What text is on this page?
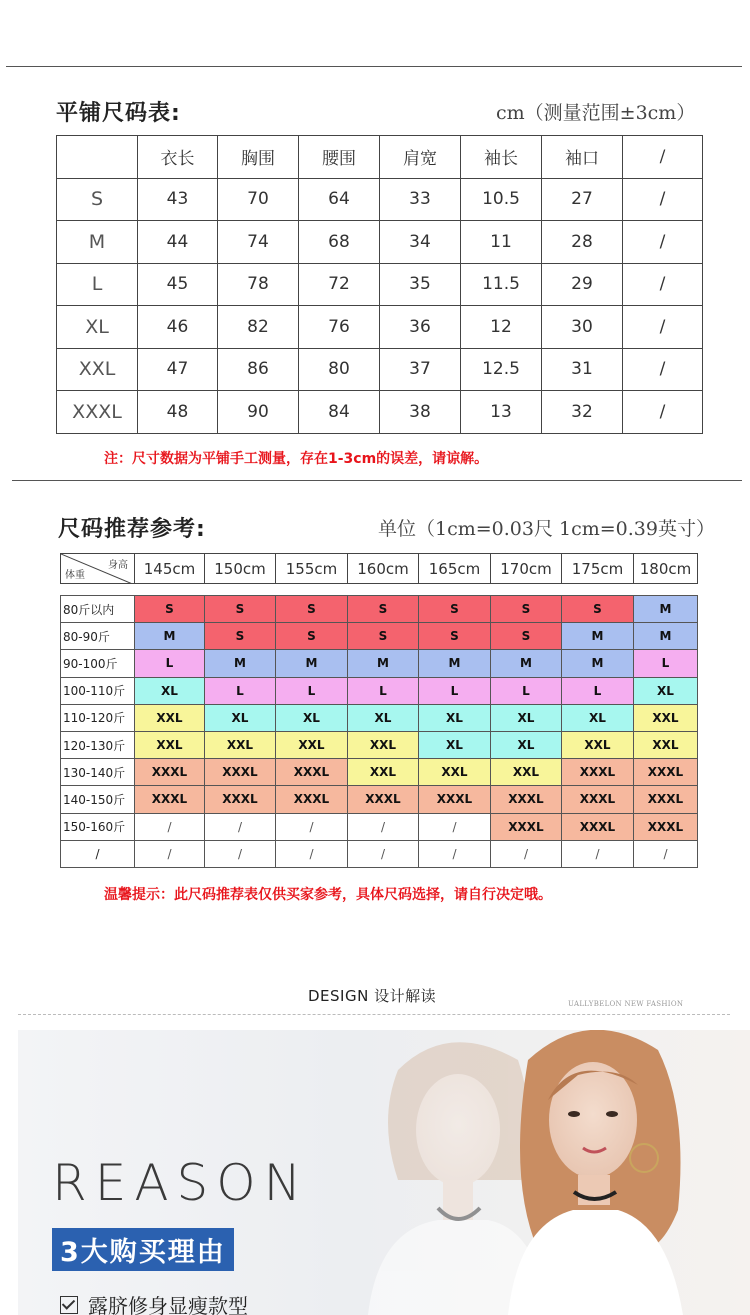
平铺尺码表:	cm（测量范围±3cm）
	衣长	胸围	腰围	肩宽	袖长	袖口	/
S	43	70	64	33	10.5	27	/
M	44	74	68	34	11	28	/
L	45	78	72	35	11.5	29	/
XL	46	82	76	36	12	30	/
XXL	47	86	80	37	12.5	31	/
XXXL	48	90	84	38	13	32	/
注：尺寸数据为平铺手工测量，存在1-3cm的误差，请谅解。
尺码推荐参考:	单位（1cm=0.03尺 1cm=0.39英寸）
身高
体重	145cm	150cm	155cm	160cm	165cm	170cm	175cm	180cm
80斤以内	S	S	S	S	S	S	S	M
80-90斤	M	S	S	S	S	S	M	M
90-100斤	L	M	M	M	M	M	M	L
100-110斤	XL	L	L	L	L	L	L	XL
110-120斤	XXL	XL	XL	XL	XL	XL	XL	XXL
120-130斤	XXL	XXL	XXL	XXL	XL	XL	XXL	XXL
130-140斤	XXXL	XXXL	XXXL	XXL	XXL	XXL	XXXL	XXXL
140-150斤	XXXL	XXXL	XXXL	XXXL	XXXL	XXXL	XXXL	XXXL
150-160斤	/	/	/	/	/	XXXL	XXXL	XXXL
/	/	/	/	/	/	/	/	/
温馨提示：此尺码推荐表仅供买家参考，具体尺码选择，请自行决定哦。
DESIGN 设计解读	UALLYBELON NEW FASHION
REASON
3大购买理由
露脐修身显瘦款型
